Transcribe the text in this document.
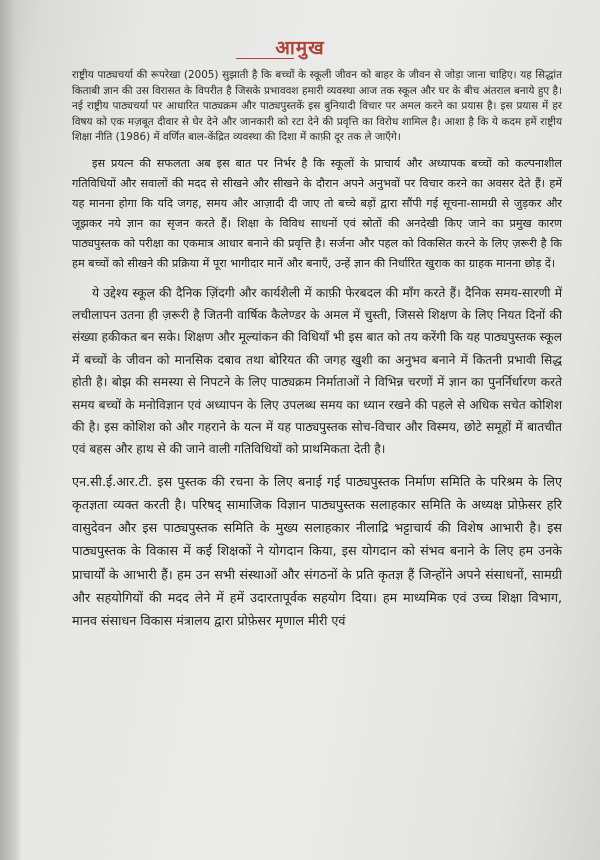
आमुख

राष्ट्रीय पाठ्यचर्या की रूपरेखा (2005) सुझाती है कि बच्चों के स्कूली जीवन को बाहर के जीवन से जोड़ा जाना चाहिए। यह सिद्धांत किताबी ज्ञान की उस विरासत के विपरीत है जिसके प्रभाववश हमारी व्यवस्था आज तक स्कूल और घर के बीच अंतराल बनाये हुए है। नई राष्ट्रीय पाठ्यचर्या पर आधारित पाठ्यक्रम और पाठ्यपुस्तकें इस बुनियादी विचार पर अमल करने का प्रयास है। इस प्रयास में हर विषय को एक मज़बूत दीवार से घेर देने और जानकारी को रटा देने की प्रवृत्ति का विरोध शामिल है। आशा है कि ये कदम हमें राष्ट्रीय शिक्षा नीति (1986) में वर्णित बाल-केंद्रित व्यवस्था की दिशा में काफ़ी दूर तक ले जाएँगे।

इस प्रयत्न की सफलता अब इस बात पर निर्भर है कि स्कूलों के प्राचार्य और अध्यापक बच्चों को कल्पनाशील गतिविधियों और सवालों की मदद से सीखने और सीखने के दौरान अपने अनुभवों पर विचार करने का अवसर देते हैं। हमें यह मानना होगा कि यदि जगह, समय और आज़ादी दी जाए तो बच्चे बड़ों द्वारा सौंपी गई सूचना-सामग्री से जुड़कर और जूझकर नये ज्ञान का सृजन करते हैं। शिक्षा के विविध साधनों एवं स्रोतों की अनदेखी किए जाने का प्रमुख कारण पाठ्यपुस्तक को परीक्षा का एकमात्र आधार बनाने की प्रवृत्ति है। सर्जना और पहल को विकसित करने के लिए ज़रूरी है कि हम बच्चों को सीखने की प्रक्रिया में पूरा भागीदार मानें और बनाएँ, उन्हें ज्ञान की निर्धारित खुराक का ग्राहक मानना छोड़ दें।

ये उद्देश्य स्कूल की दैनिक ज़िंदगी और कार्यशैली में काफ़ी फेरबदल की माँग करते हैं। दैनिक समय-सारणी में लचीलापन उतना ही ज़रूरी है जितनी वार्षिक कैलेण्डर के अमल में चुस्ती, जिससे शिक्षण के लिए नियत दिनों की संख्या हकीकत बन सके। शिक्षण और मूल्यांकन की विधियाँ भी इस बात को तय करेंगी कि यह पाठ्यपुस्तक स्कूल में बच्चों के जीवन को मानसिक दबाव तथा बोरियत की जगह खुशी का अनुभव बनाने में कितनी प्रभावी सिद्ध होती है। बोझ की समस्या से निपटने के लिए पाठ्यक्रम निर्माताओं ने विभिन्न चरणों में ज्ञान का पुनर्निर्धारण करते समय बच्चों के मनोविज्ञान एवं अध्यापन के लिए उपलब्ध समय का ध्यान रखने की पहले से अधिक सचेत कोशिश की है। इस कोशिश को और गहराने के यत्न में यह पाठ्यपुस्तक सोच-विचार और विस्मय, छोटे समूहों में बातचीत एवं बहस और हाथ से की जाने वाली गतिविधियों को प्राथमिकता देती है।

एन.सी.ई.आर.टी. इस पुस्तक की रचना के लिए बनाई गई पाठ्यपुस्तक निर्माण समिति के परिश्रम के लिए कृतज्ञता व्यक्त करती है। परिषद् सामाजिक विज्ञान पाठ्यपुस्तक सलाहकार समिति के अध्यक्ष प्रोफ़ेसर हरि वासुदेवन और इस पाठ्यपुस्तक समिति के मुख्य सलाहकार नीलाद्रि भट्टाचार्य की विशेष आभारी है। इस पाठ्यपुस्तक के विकास में कई शिक्षकों ने योगदान किया, इस योगदान को संभव बनाने के लिए हम उनके प्राचार्यों के आभारी हैं। हम उन सभी संस्थाओं और संगठनों के प्रति कृतज्ञ हैं जिन्होंने अपने संसाधनों, सामग्री और सहयोगियों की मदद लेने में हमें उदारतापूर्वक सहयोग दिया। हम माध्यमिक एवं उच्च शिक्षा विभाग, मानव संसाधन विकास मंत्रालय द्वारा प्रोफ़ेसर मृणाल मीरी एवं
